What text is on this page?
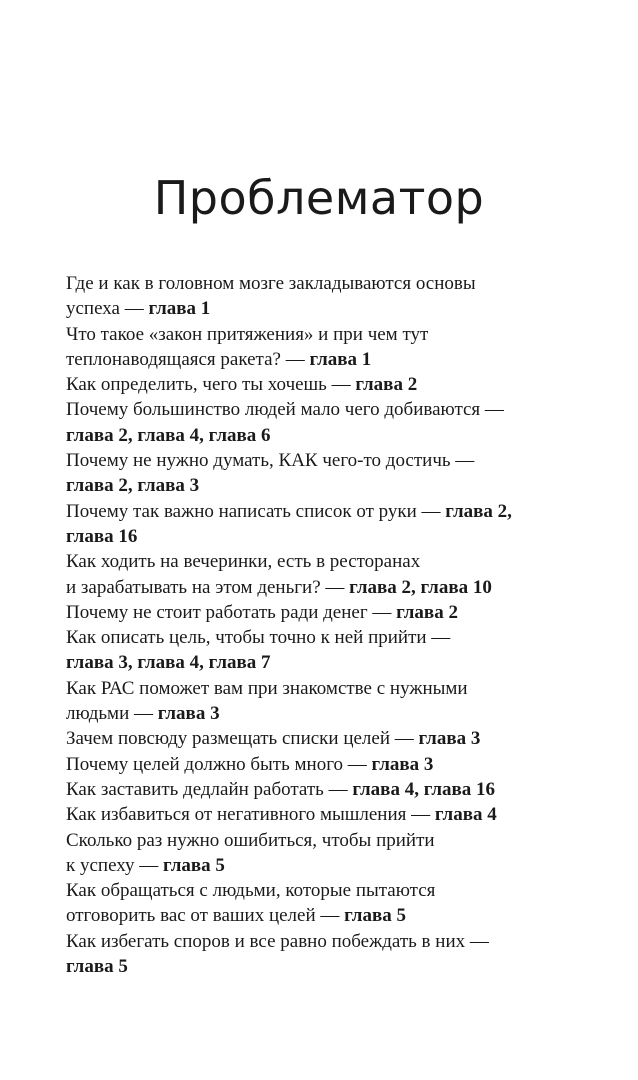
Проблематор
Где и как в головном мозге закладываются основы
успеха — глава 1
Что такое «закон притяжения» и при чем тут
теплонаводящаяся ракета? — глава 1
Как определить, чего ты хочешь — глава 2
Почему большинство людей мало чего добиваются —
глава 2, глава 4, глава 6
Почему не нужно думать, КАК чего-то достичь —
глава 2, глава 3
Почему так важно написать список от руки — глава 2,
глава 16
Как ходить на вечеринки, есть в ресторанах
и зарабатывать на этом деньги? — глава 2, глава 10
Почему не стоит работать ради денег — глава 2
Как описать цель, чтобы точно к ней прийти —
глава 3, глава 4, глава 7
Как РАС поможет вам при знакомстве с нужными
людьми — глава 3
Зачем повсюду размещать списки целей — глава 3
Почему целей должно быть много — глава 3
Как заставить дедлайн работать — глава 4, глава 16
Как избавиться от негативного мышления — глава 4
Сколько раз нужно ошибиться, чтобы прийти
к успеху — глава 5
Как обращаться с людьми, которые пытаются
отговорить вас от ваших целей — глава 5
Как избегать споров и все равно побеждать в них —
глава 5
